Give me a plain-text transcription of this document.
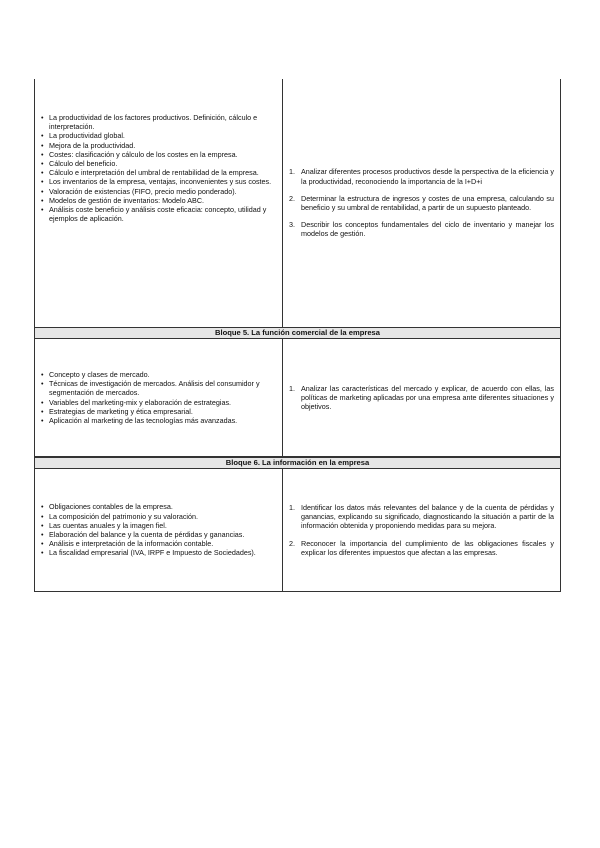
• La productividad de los factores productivos. Definición, cálculo e interpretación.
• La productividad global.
• Mejora de la productividad.
• Costes: clasificación y cálculo de los costes en la empresa.
• Cálculo del beneficio.
• Cálculo e interpretación del umbral de rentabilidad de la empresa.
• Los inventarios de la empresa, ventajas, inconvenientes y sus costes.
• Valoración de existencias (FIFO, precio medio ponderado).
• Modelos de gestión de inventarios: Modelo ABC.
• Análisis coste beneficio y análisis coste eficacia: concepto, utilidad y ejemplos de aplicación.
1. Analizar diferentes procesos productivos desde la perspectiva de la eficiencia y la productividad, reconociendo la importancia de la I+D+i
2. Determinar la estructura de ingresos y costes de una empresa, calculando su beneficio y su umbral de rentabilidad, a partir de un supuesto planteado.
3. Describir los conceptos fundamentales del ciclo de inventario y manejar los modelos de gestión.
Bloque 5. La función comercial de la empresa
• Concepto y clases de mercado.
• Técnicas de investigación de mercados. Análisis del consumidor y segmentación de mercados.
• Variables del marketing-mix y elaboración de estrategias.
• Estrategias de marketing y ética empresarial.
• Aplicación al marketing de las tecnologías más avanzadas.
1. Analizar las características del mercado y explicar, de acuerdo con ellas, las políticas de marketing aplicadas por una empresa ante diferentes situaciones y objetivos.
Bloque 6. La información en la empresa
• Obligaciones contables de la empresa.
• La composición del patrimonio y su valoración.
• Las cuentas anuales y la imagen fiel.
• Elaboración del balance y la cuenta de pérdidas y ganancias.
• Análisis e interpretación de la información contable.
• La fiscalidad empresarial (IVA, IRPF e Impuesto de Sociedades).
1. Identificar los datos más relevantes del balance y de la cuenta de pérdidas y ganancias, explicando su significado, diagnosticando la situación a partir de la información obtenida y proponiendo medidas para su mejora.
2. Reconocer la importancia del cumplimiento de las obligaciones fiscales y explicar los diferentes impuestos que afectan a las empresas.
